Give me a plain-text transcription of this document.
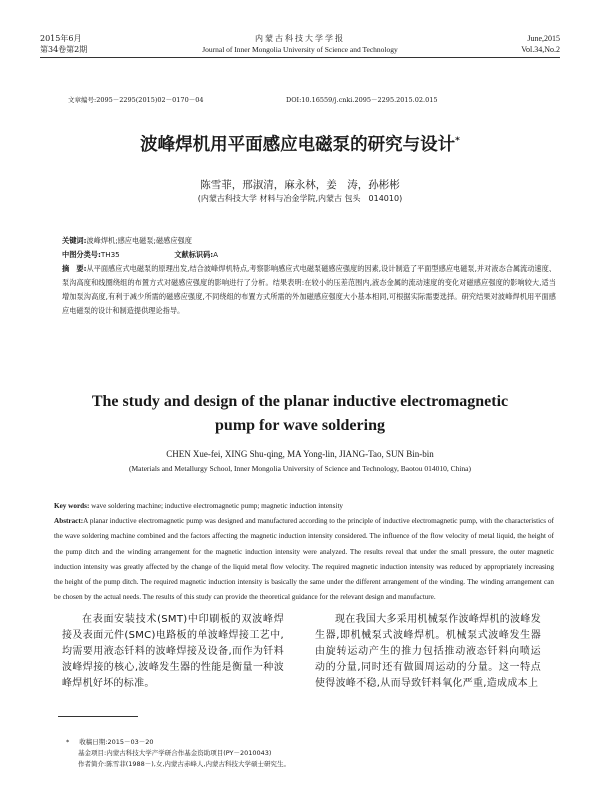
2015年6月
第34卷第2期
内蒙古科技大学学报
Journal of Inner Mongolia University of Science and Technology
June,2015
Vol.34,No.2
文章编号:2095－2295(2015)02－0170－04	DOI:10.16559/j.cnki.2095－2295.2015.02.015
波峰焊机用平面感应电磁泵的研究与设计*
陈雪菲，邢淑清，麻永林，姜　涛，孙彬彬
(内蒙古科技大学 材料与冶金学院,内蒙古 包头　014010)
关键词:波峰焊机;感应电磁泵;磁感应强度
中图分类号:TH35	文献标识码:A
摘　要:从平面感应式电磁泵的原理出发,结合波峰焊机特点,考察影响感应式电磁泵磁感应强度的因素,设计制造了平面型感应电磁泵,并对液态合属流动速度、泵沟高度和线圈绕组的布置方式对磁感应强度的影响进行了分析。结果表明:在较小的压差范围内,液态金属的流动速度的变化对磁感应强度的影响较大,适当增加泵沟高度,有利于减少所需的磁感应强度,不同绕组的布置方式所需的外加磁感应强度大小基本相同,可根据实际需要选择。研究结果对波峰焊机用平面感应电磁泵的设计和制造提供理论指导。
The study and design of the planar inductive electromagnetic
pump for wave soldering
CHEN Xue-fei, XING Shu-qing, MA Yong-lin, JIANG-Tao, SUN Bin-bin
(Materials and Metallurgy School, Inner Mongolia University of Science and Technology, Baotou 014010, China)
Key words: wave soldering machine; inductive electromagnetic pump; magnetic induction intensity
Abstract:A planar inductive electromagnetic pump was designed and manufactured according to the principle of inductive electromagnetic pump, with the characteristics of the wave soldering machine combined and the factors affecting the magnetic induction intensity considered. The influence of the flow velocity of metal liquid, the height of the pump ditch and the winding arrangement for the magnetic induction intensity were analyzed. The results reveal that under the small pressure, the outer magnetic induction intensity was greatly affected by the change of the liquid metal flow velocity. The required magnetic induction intensity was reduced by appropriately increasing the height of the pump ditch. The required magnetic induction intensity is basically the same under the different arrangement of the winding. The winding arrangement can be chosen by the actual needs. The results of this study can provide the theoretical guidance for the relevant design and manufacture.
在表面安装技术(SMT)中印刷板的双波峰焊接及表面元件(SMC)电路板的单波峰焊接工艺中,均需要用液态钎料的波峰焊接及设备,而作为钎料波峰焊接的核心,波峰发生器的性能是衡量一种波峰焊机好坏的标准。
现在我国大多采用机械泵作波峰焊机的波峰发生器,即机械泵式波峰焊机。机械泵式波峰发生器由旋转运动产生的推力包括推动液态钎料向喷运动的分量,同时还有做圆周运动的分量。这一特点使得波峰不稳,从而导致钎料氧化严重,造成成本上
* 收稿日期:2015－03－20
基金项目:内蒙古科技大学产学研合作基金资助项目(PY－2010043)
作者简介:陈雪菲(1988－),女,内蒙古赤峰人,内蒙古科技大学硕士研究生。
